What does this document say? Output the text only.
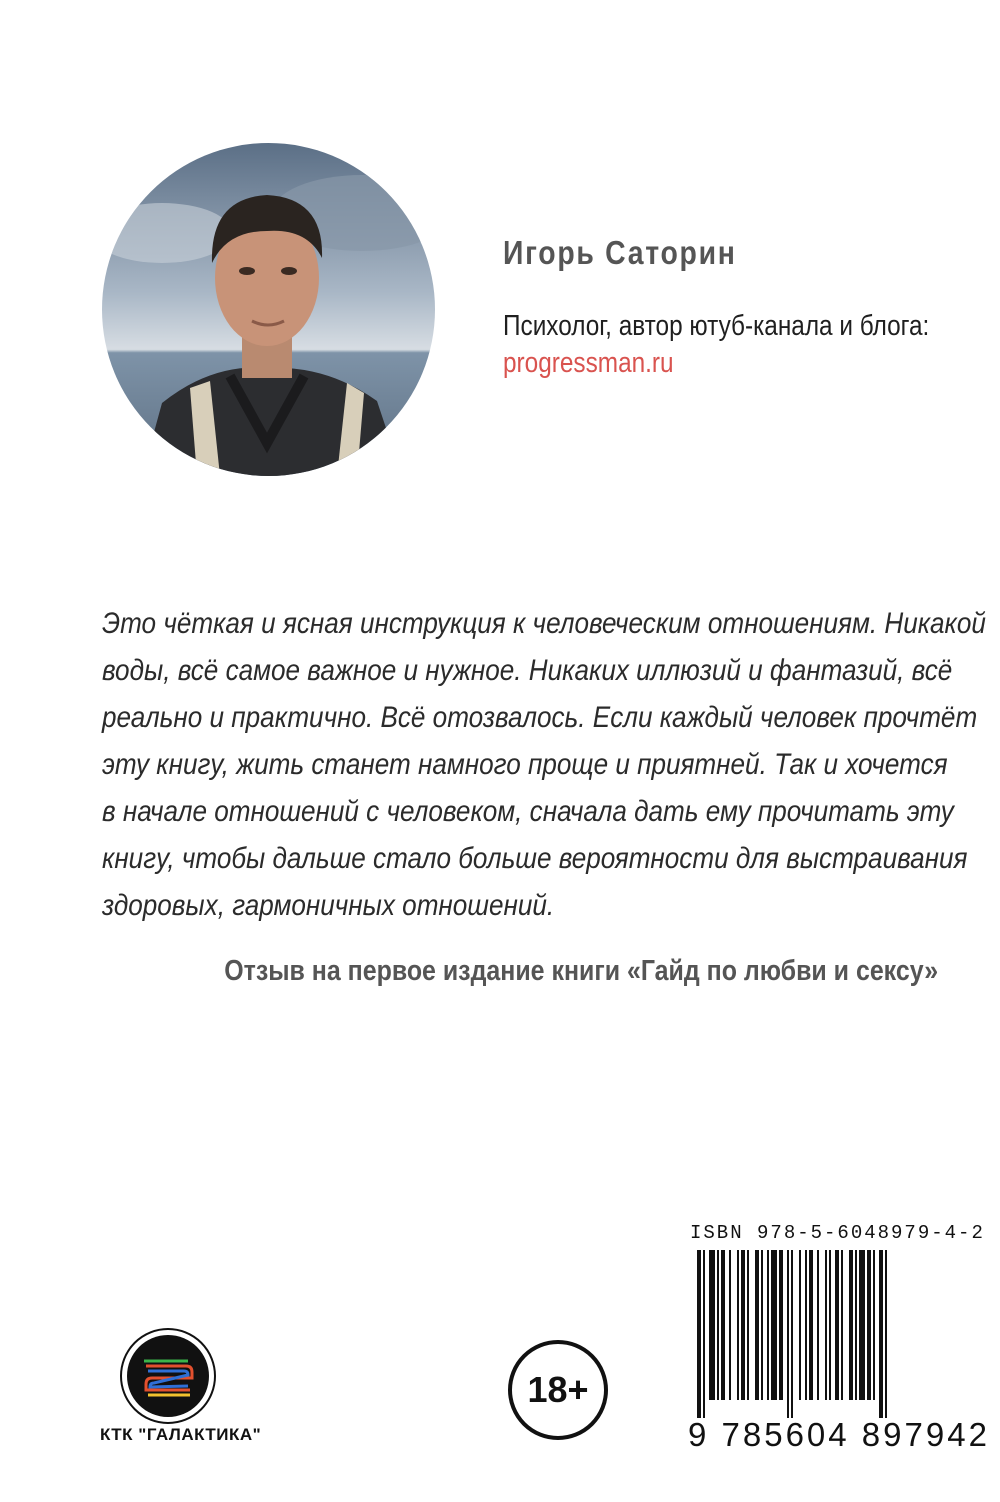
Игорь Саторин
Психолог, автор ютуб-канала и блога:
progressman.ru
Это чёткая и ясная инструкция к человеческим отношениям. Никакой
воды, всё самое важное и нужное. Никаких иллюзий и фантазий, всё
реально и практично. Всё отозвалось. Если каждый человек прочтёт
эту книгу, жить станет намного проще и приятней. Так и хочется
в начале отношений с человеком, сначала дать ему прочитать эту
книгу, чтобы дальше стало больше вероятности для выстраивания
здоровых, гармоничных отношений.
Отзыв на первое издание книги «Гайд по любви и сексу»
ISBN 978-5-6048979-4-2
9 785604 897942
18+
КТК "ГАЛАКТИКА"
